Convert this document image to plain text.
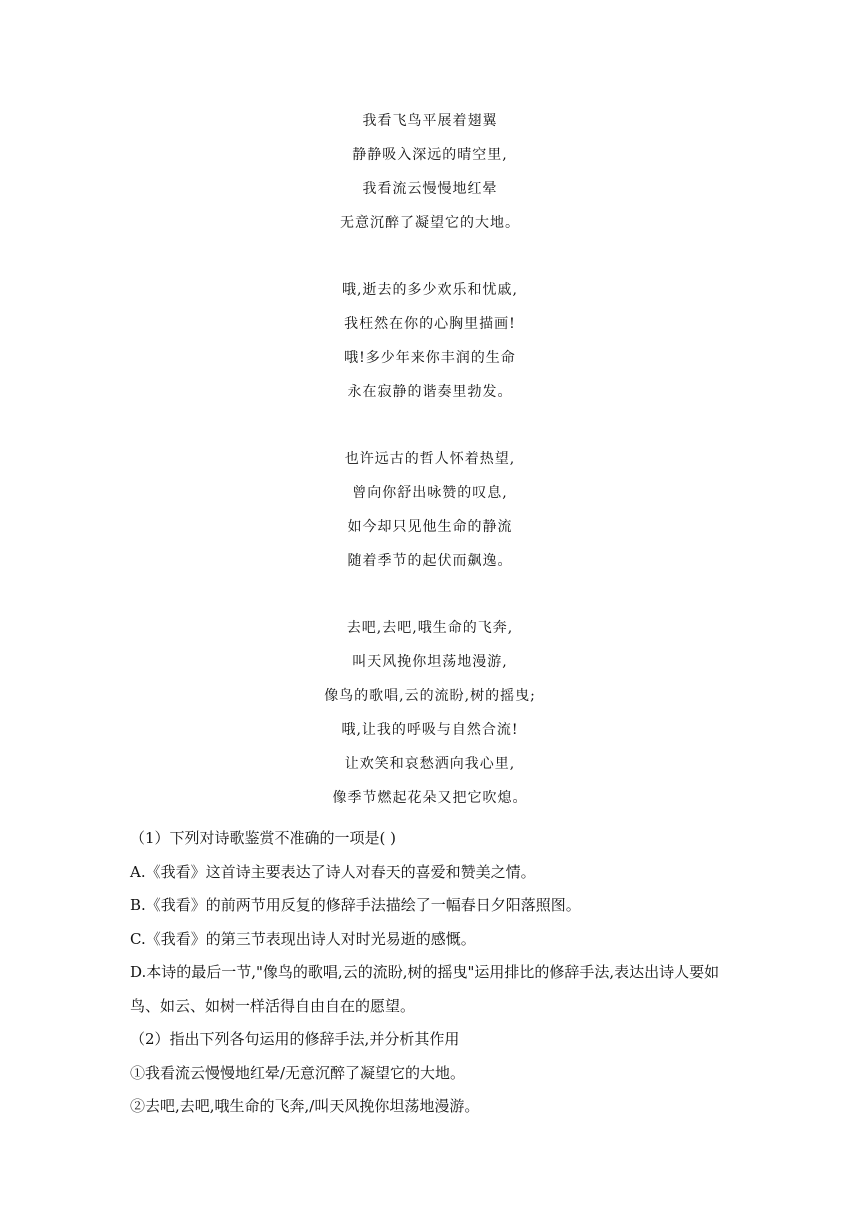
我看飞鸟平展着翅翼
静静吸入深远的晴空里,
我看流云慢慢地红晕
无意沉醉了凝望它的大地。
哦,逝去的多少欢乐和忧戚,
我枉然在你的心胸里描画!
哦!多少年来你丰润的生命
永在寂静的谐奏里勃发。
也许远古的哲人怀着热望,
曾向你舒出咏赞的叹息,
如今却只见他生命的静流
随着季节的起伏而飙逸。
去吧,去吧,哦生命的飞奔,
叫天风挽你坦荡地漫游,
像鸟的歌唱,云的流盼,树的摇曳;
哦,让我的呼吸与自然合流!
让欢笑和哀愁洒向我心里,
像季节燃起花朵又把它吹熄。
（1）下列对诗歌鉴赏不准确的一项是( )
A.《我看》这首诗主要表达了诗人对春天的喜爱和赞美之情。
B.《我看》的前两节用反复的修辞手法描绘了一幅春日夕阳落照图。
C.《我看》的第三节表现出诗人对时光易逝的感慨。
D.本诗的最后一节,"像鸟的歌唱,云的流盼,树的摇曳"运用排比的修辞手法,表达出诗人要如
鸟、如云、如树一样活得自由自在的愿望。
（2）指出下列各句运用的修辞手法,并分析其作用
①我看流云慢慢地红晕/无意沉醉了凝望它的大地。
②去吧,去吧,哦生命的飞奔,/叫天风挽你坦荡地漫游。
